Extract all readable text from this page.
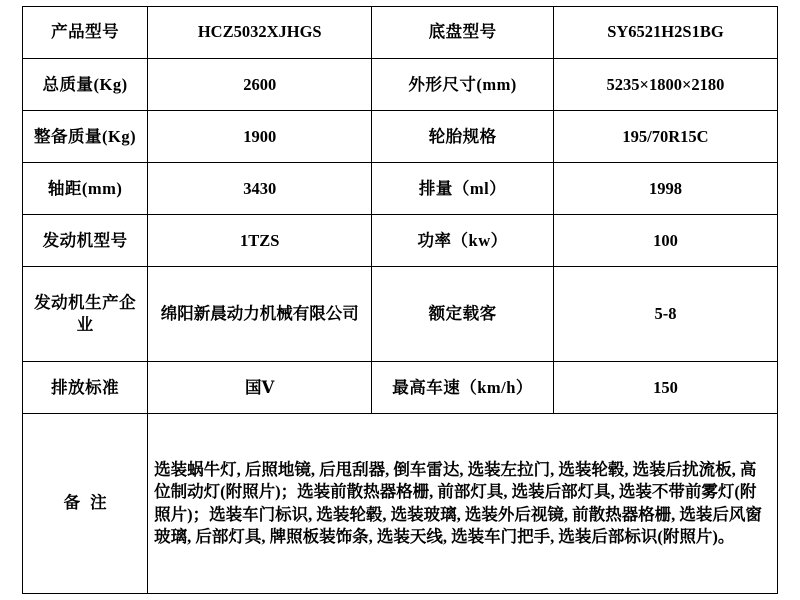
产品型号	HCZ5032XJHGS	底盘型号	SY6521H2S1BG
总质量(Kg)	2600	外形尺寸(mm)	5235×1800×2180
整备质量(Kg)	1900	轮胎规格	195/70R15C
轴距(mm)	3430	排量（ml）	1998
发动机型号	1TZS	功率（kw）	100
发动机生产企业	绵阳新晨动力机械有限公司	额定载客	5-8
排放标准	国Ⅴ	最高车速（km/h）	150
备注	选装蜗牛灯, 后照地镜, 后甩刮器, 倒车雷达, 选装左拉门, 选装轮毂, 选装后扰流板, 高位制动灯(附照片)；选装前散热器格栅, 前部灯具, 选装后部灯具, 选装不带前雾灯(附照片)；选装车门标识, 选装轮毂, 选装玻璃, 选装外后视镜, 前散热器格栅, 选装后风窗玻璃, 后部灯具, 牌照板装饰条, 选装天线, 选装车门把手, 选装后部标识(附照片)。		
